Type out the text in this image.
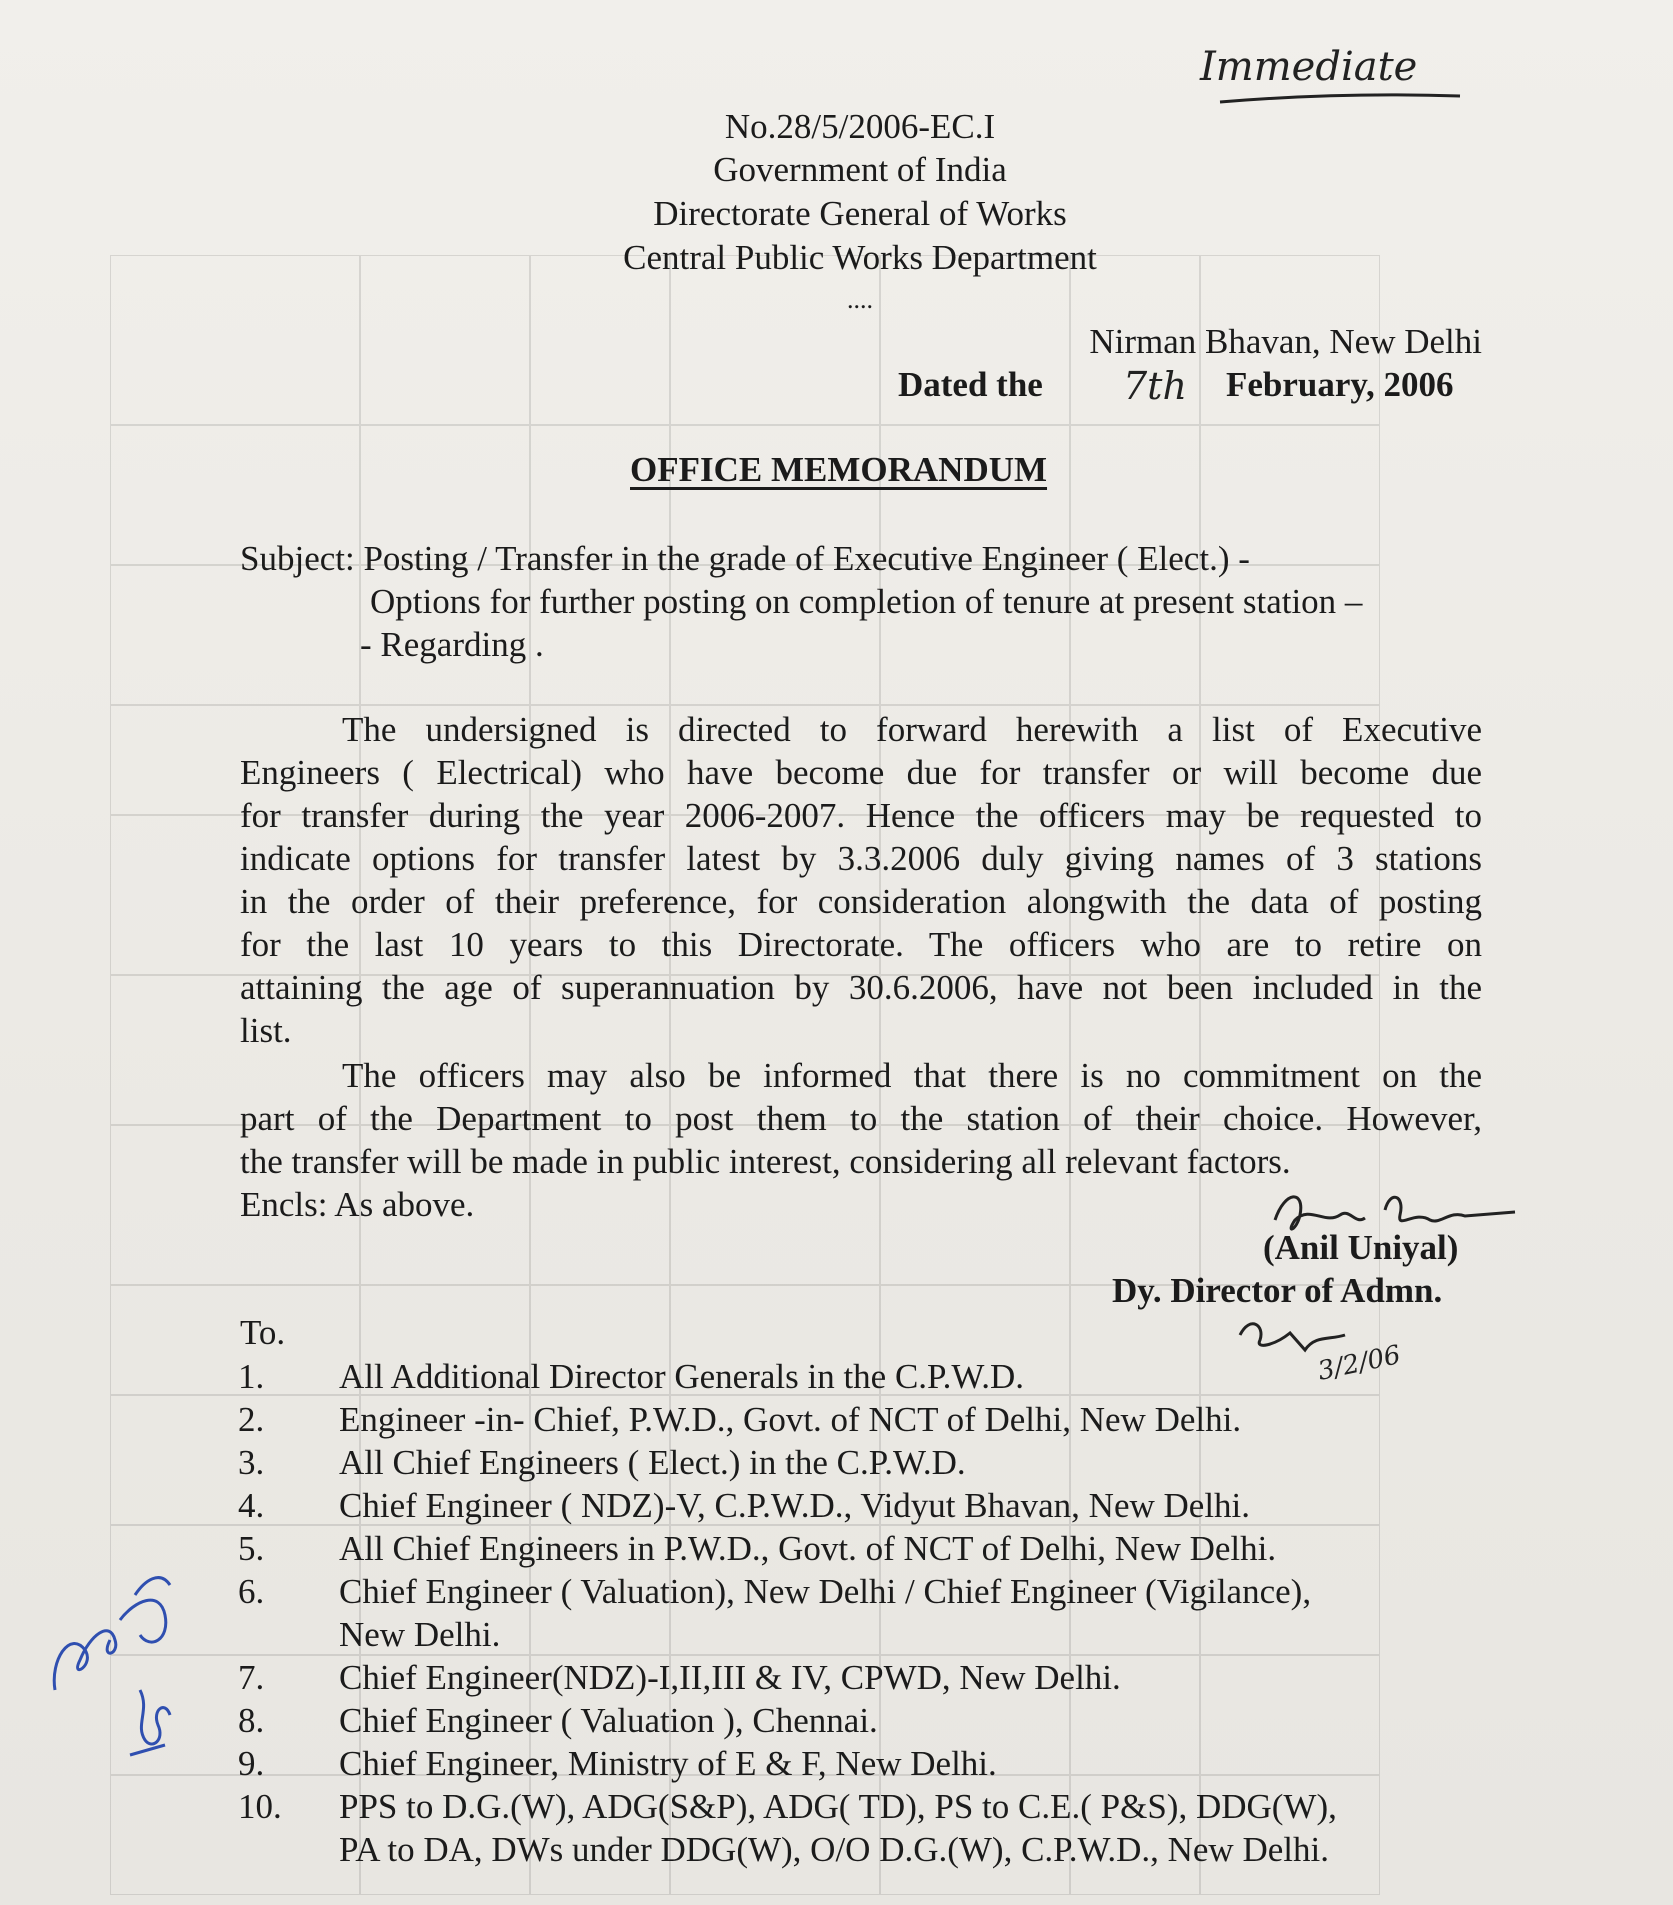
Immediate
No.28/5/2006-EC.I
Government of India
Directorate General of Works
Central Public Works Department
....
Nirman Bhavan, New Delhi
Dated the 7th February, 2006
OFFICE MEMORANDUM
Subject: Posting / Transfer in the grade of Executive Engineer ( Elect.) -
Options for further posting on completion of tenure at present station –
- Regarding .
The undersigned is directed to forward herewith a list of Executive
Engineers ( Electrical) who have become due for transfer or will become due
for transfer during the year 2006-2007. Hence the officers may be requested to
indicate options for transfer latest by 3.3.2006 duly giving names of 3 stations
in the order of their preference, for consideration alongwith the data of posting
for the last 10 years to this Directorate. The officers who are to retire on
attaining the age of superannuation by 30.6.2006, have not been included in the
list.
The officers may also be informed that there is no commitment on the
part of the Department to post them to the station of their choice. However,
the transfer will be made in public interest, considering all relevant factors.
Encls: As above.
(Anil Uniyal)
Dy. Director of Admn.
3/2/06
To.
1. All Additional Director Generals in the C.P.W.D.
2. Engineer -in- Chief, P.W.D., Govt. of NCT of Delhi, New Delhi.
3. All Chief Engineers ( Elect.) in the C.P.W.D.
4. Chief Engineer ( NDZ)-V, C.P.W.D., Vidyut Bhavan, New Delhi.
5. All Chief Engineers in P.W.D., Govt. of NCT of Delhi, New Delhi.
6. Chief Engineer ( Valuation), New Delhi / Chief Engineer (Vigilance),
New Delhi.
7. Chief Engineer(NDZ)-I,II,III & IV, CPWD, New Delhi.
8. Chief Engineer ( Valuation ), Chennai.
9. Chief Engineer, Ministry of E & F, New Delhi.
10. PPS to D.G.(W), ADG(S&P), ADG( TD), PS to C.E.( P&S), DDG(W),
PA to DA, DWs under DDG(W), O/O D.G.(W), C.P.W.D., New Delhi.
